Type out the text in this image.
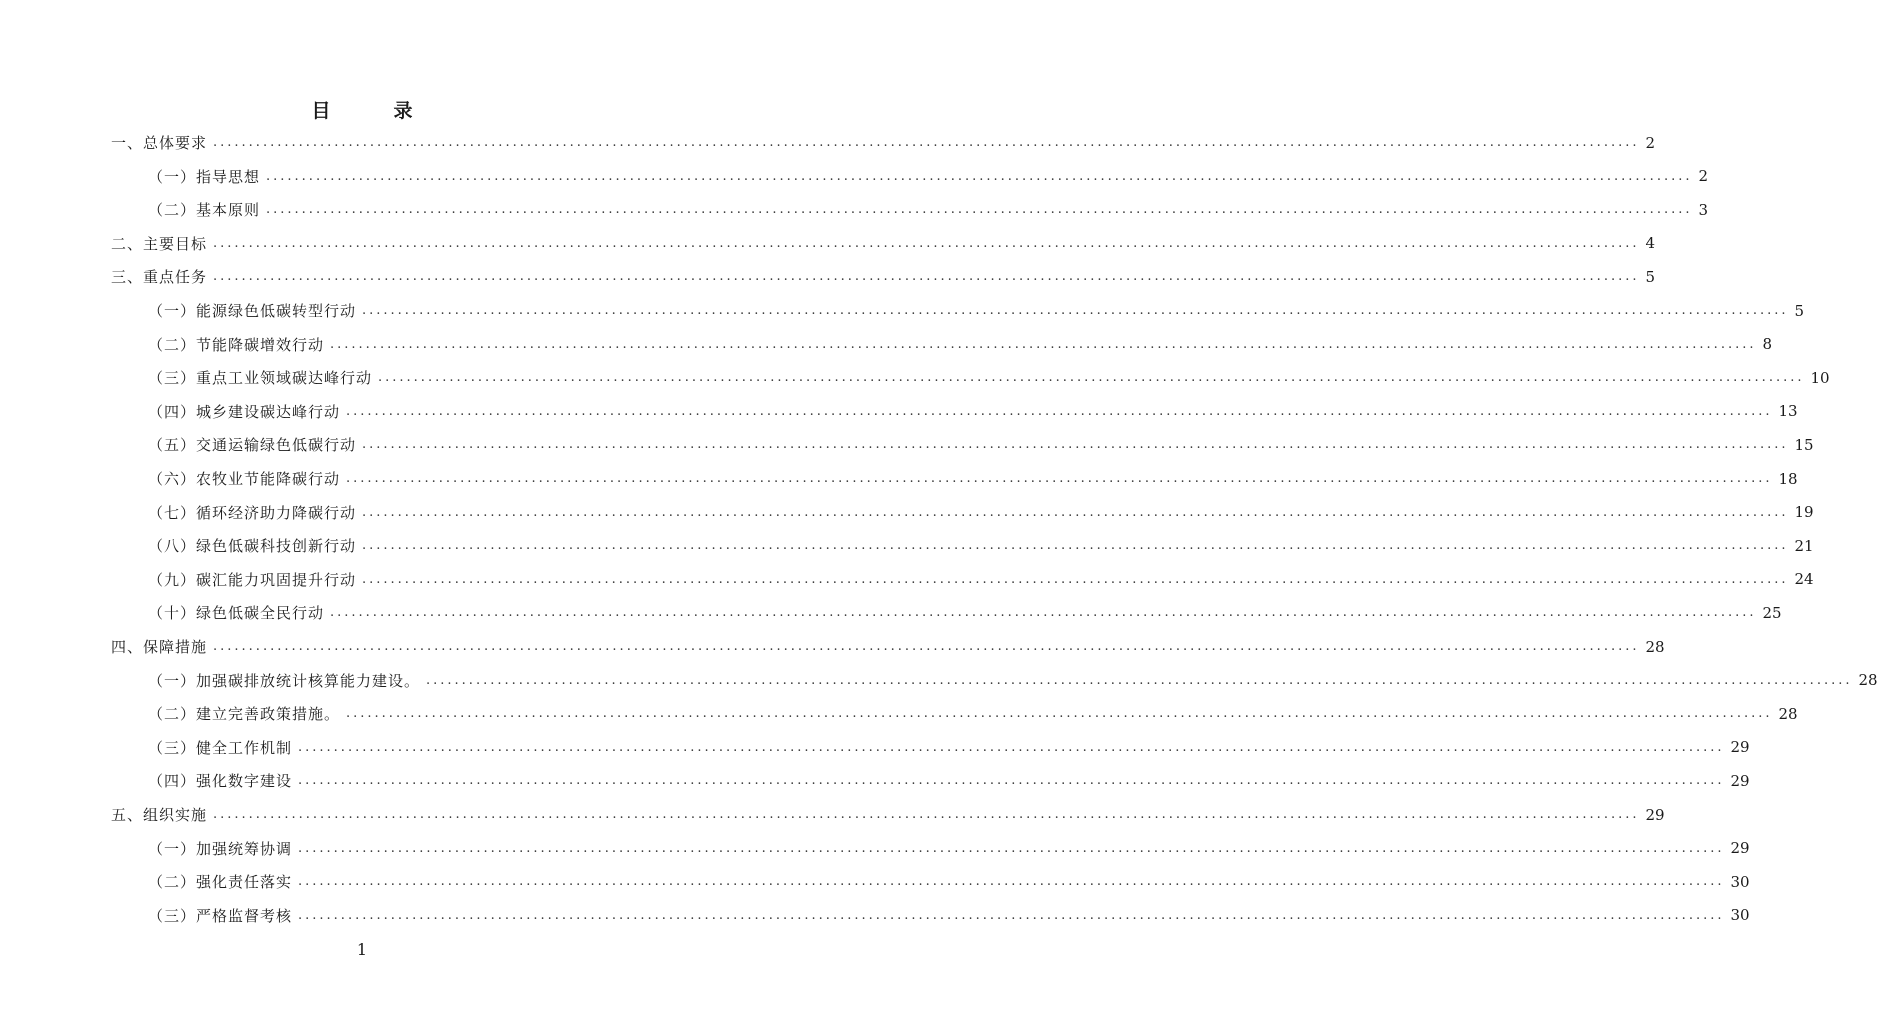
目　录
一、总体要求 ........................................................................................................................................................................................................ 2
（一）指导思想 ........................................................................................................................................................................................................ 2
（二）基本原则 ........................................................................................................................................................................................................ 3
二、主要目标 ........................................................................................................................................................................................................ 4
三、重点任务 ........................................................................................................................................................................................................ 5
（一）能源绿色低碳转型行动 ........................................................................................................................................................................................................ 5
（二）节能降碳增效行动 ........................................................................................................................................................................................................ 8
（三）重点工业领域碳达峰行动 ........................................................................................................................................................................................................ 10
（四）城乡建设碳达峰行动 ........................................................................................................................................................................................................ 13
（五）交通运输绿色低碳行动 ........................................................................................................................................................................................................ 15
（六）农牧业节能降碳行动 ........................................................................................................................................................................................................ 18
（七）循环经济助力降碳行动 ........................................................................................................................................................................................................ 19
（八）绿色低碳科技创新行动 ........................................................................................................................................................................................................ 21
（九）碳汇能力巩固提升行动 ........................................................................................................................................................................................................ 24
（十）绿色低碳全民行动 ........................................................................................................................................................................................................ 25
四、保障措施 ........................................................................................................................................................................................................ 28
（一）加强碳排放统计核算能力建设。 ........................................................................................................................................................................................................ 28
（二）建立完善政策措施。 ........................................................................................................................................................................................................ 28
（三）健全工作机制 ........................................................................................................................................................................................................ 29
（四）强化数字建设 ........................................................................................................................................................................................................ 29
五、组织实施 ........................................................................................................................................................................................................ 29
（一）加强统筹协调 ........................................................................................................................................................................................................ 29
（二）强化责任落实 ........................................................................................................................................................................................................ 30
（三）严格监督考核 ........................................................................................................................................................................................................ 30
1
